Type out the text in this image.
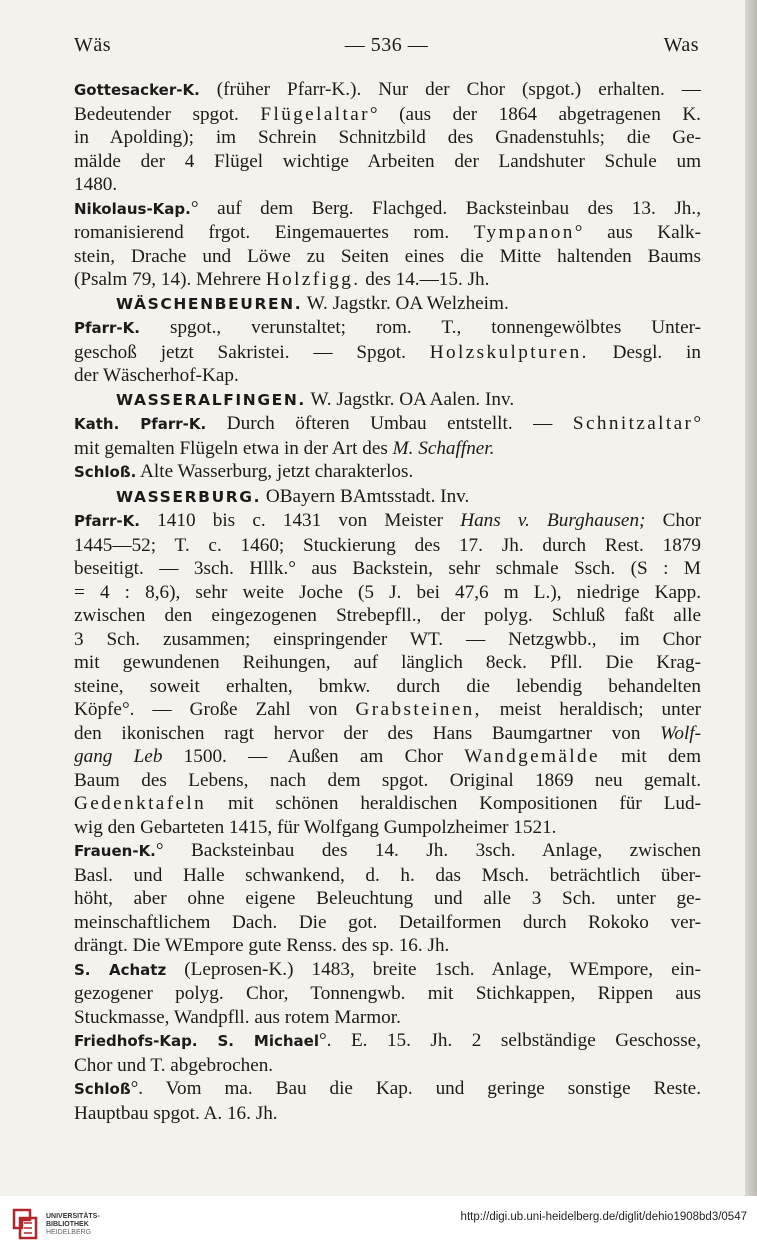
Wäs	— 536 —	Was
Gottesacker-K. (früher Pfarr-K.). Nur der Chor (spgot.) erhalten. —
Bedeutender spgot. Flügelaltar° (aus der 1864 abgetragenen K.
in Apolding); im Schrein Schnitzbild des Gnadenstuhls; die Ge-
mälde der 4 Flügel wichtige Arbeiten der Landshuter Schule um
1480.
Nikolaus-Kap.° auf dem Berg. Flachged. Backsteinbau des 13. Jh.,
romanisierend frgot. Eingemauertes rom. Tympanon° aus Kalk-
stein, Drache und Löwe zu Seiten eines die Mitte haltenden Baums
(Psalm 79, 14). Mehrere Holzfigg. des 14.—15. Jh.
WÄSCHENBEUREN. W. Jagstkr. OA Welzheim.
Pfarr-K. spgot., verunstaltet; rom. T., tonnengewölbtes Unter-
geschoß jetzt Sakristei. — Spgot. Holzskulpturen. Desgl. in
der Wäscherhof-Kap.
WASSERALFINGEN. W. Jagstkr. OA Aalen. Inv.
Kath. Pfarr-K. Durch öfteren Umbau entstellt. — Schnitzaltar°
mit gemalten Flügeln etwa in der Art des M. Schaffner.
Schloß. Alte Wasserburg, jetzt charakterlos.
WASSERBURG. OBayern BAmtsstadt. Inv.
Pfarr-K. 1410 bis c. 1431 von Meister Hans v. Burghausen; Chor
1445—52; T. c. 1460; Stuckierung des 17. Jh. durch Rest. 1879
beseitigt. — 3sch. Hllk.° aus Backstein, sehr schmale Ssch. (S : M
= 4 : 8,6), sehr weite Joche (5 J. bei 47,6 m L.), niedrige Kapp.
zwischen den eingezogenen Strebepfll., der polyg. Schluß faßt alle
3 Sch. zusammen; einspringender WT. — Netzgwbb., im Chor
mit gewundenen Reihungen, auf länglich 8eck. Pfll. Die Krag-
steine, soweit erhalten, bmkw. durch die lebendig behandelten
Köpfe°. — Große Zahl von Grabsteinen, meist heraldisch; unter
den ikonischen ragt hervor der des Hans Baumgartner von Wolf-
gang Leb 1500. — Außen am Chor Wandgemälde mit dem
Baum des Lebens, nach dem spgot. Original 1869 neu gemalt.
Gedenktafeln mit schönen heraldischen Kompositionen für Lud-
wig den Gebarteten 1415, für Wolfgang Gumpolzheimer 1521.
Frauen-K.° Backsteinbau des 14. Jh. 3sch. Anlage, zwischen
Basl. und Halle schwankend, d. h. das Msch. beträchtlich über-
höht, aber ohne eigene Beleuchtung und alle 3 Sch. unter ge-
meinschaftlichem Dach. Die got. Detailformen durch Rokoko ver-
drängt. Die WEmpore gute Renss. des sp. 16. Jh.
S. Achatz (Leprosen-K.) 1483, breite 1sch. Anlage, WEmpore, ein-
gezogener polyg. Chor, Tonnengwb. mit Stichkappen, Rippen aus
Stuckmasse, Wandpfll. aus rotem Marmor.
Friedhofs-Kap. S. Michael°. E. 15. Jh. 2 selbständige Geschosse,
Chor und T. abgebrochen.
Schloß°. Vom ma. Bau die Kap. und geringe sonstige Reste.
Hauptbau spgot. A. 16. Jh.
UNIVERSITÄTS-
BIBLIOTHEK
HEIDELBERG
http://digi.ub.uni-heidelberg.de/diglit/dehio1908bd3/0547
